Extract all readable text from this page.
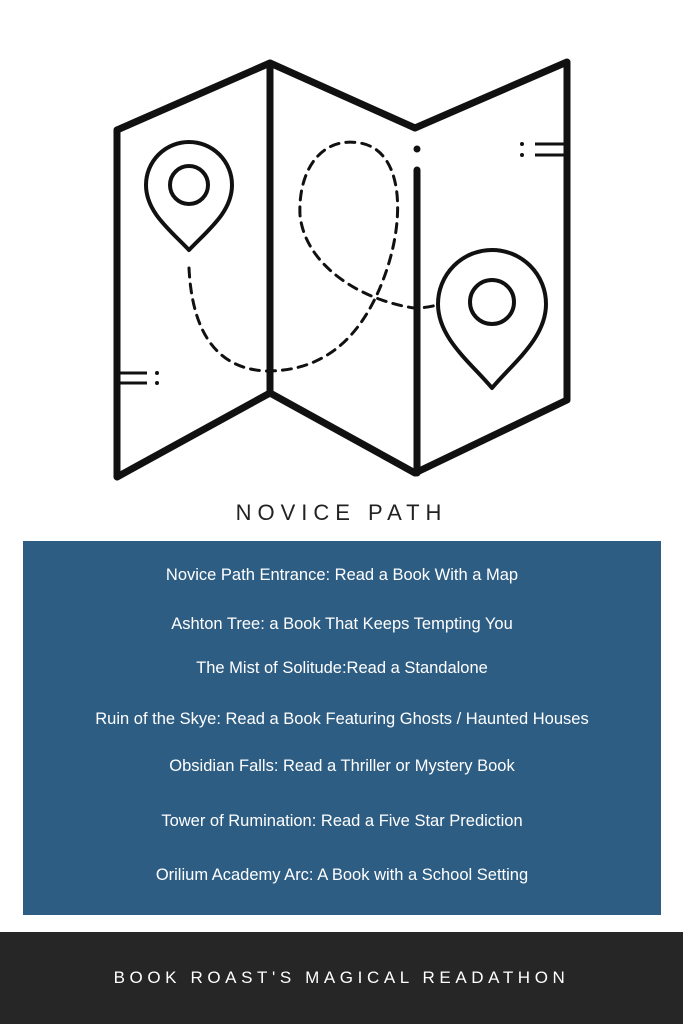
NOVICE PATH
Novice Path Entrance: Read a Book With a Map
Ashton Tree: a Book That Keeps Tempting You
The Mist of Solitude:Read a Standalone
Ruin of the Skye: Read a Book Featuring Ghosts / Haunted Houses
Obsidian Falls: Read a Thriller or Mystery Book
Tower of Rumination: Read a Five Star Prediction
Orilium Academy Arc: A Book with a School Setting
BOOK ROAST'S MAGICAL READATHON
